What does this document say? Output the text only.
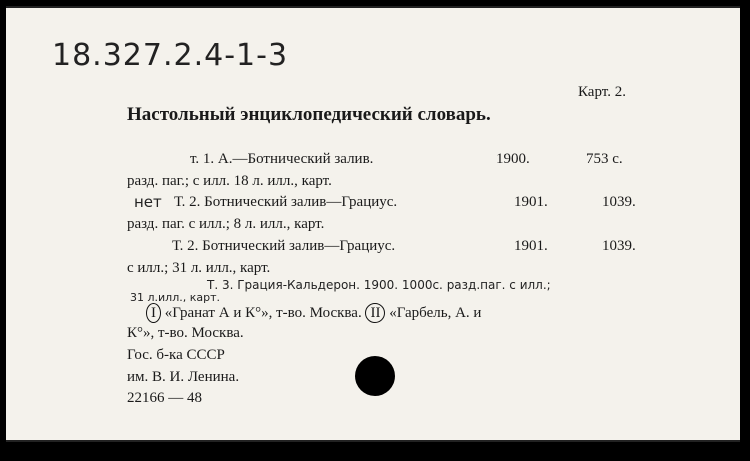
18.327.2.4-1-3
Карт. 2.
Настольный энциклопедический словарь.
т. 1. А.—Ботнический залив.	1900.	753 с.
разд. паг.; с илл. 18 л. илл., карт.
нет Т. 2. Ботнический залив—Грациус.	1901.	1039.
разд. паг. с илл.; 8 л. илл., карт.
Т. 2. Ботнический залив—Грациус.	1901.	1039.
с илл.; 31 л. илл., карт.
Т. 3. Грация-Кальдерон. 1900. 1000с. разд.паг. с илл.;
31 л.илл., карт.
I «Гранат А и К°», т-во. Москва. II «Гарбель, А. и
К°», т-во. Москва.
Гос. б-ка СССР
им. В. И. Ленина.
22166 — 48
